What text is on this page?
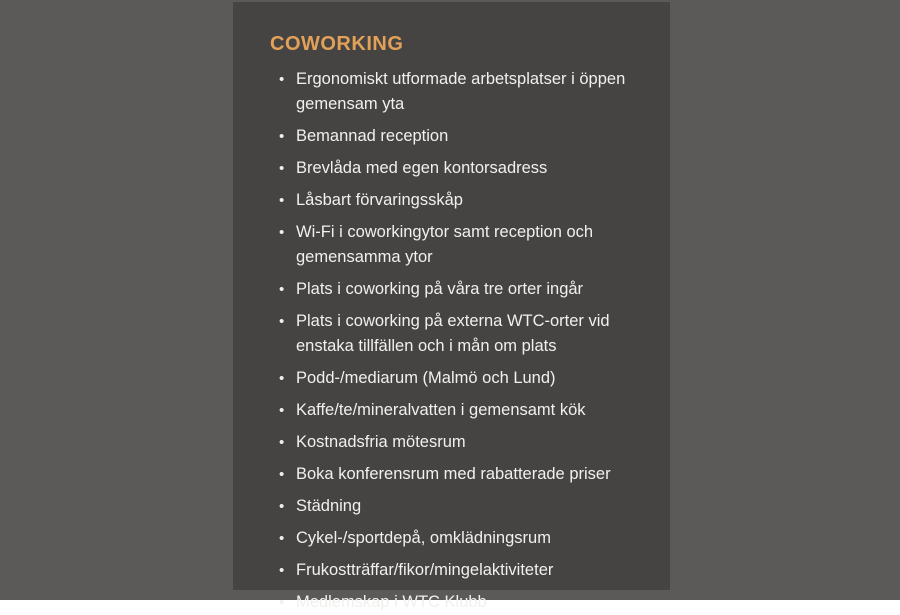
COWORKING
• Ergonomiskt utformade arbetsplatser i öppen gemensam yta
• Bemannad reception
• Brevlåda med egen kontorsadress
• Låsbart förvaringsskåp
• Wi-Fi i coworkingytor samt reception och gemensamma ytor
• Plats i coworking på våra tre orter ingår
• Plats i coworking på externa WTC-orter vid enstaka tillfällen och i mån om plats
• Podd-/mediarum (Malmö och Lund)
• Kaffe/te/mineralvatten i gemensamt kök
• Kostnadsfria mötesrum
• Boka konferensrum med rabatterade priser
• Städning
• Cykel-/sportdepå, omklädningsrum
• Frukostträffar/fikor/mingelaktiviteter
• Medlemskap i WTC Klubb
